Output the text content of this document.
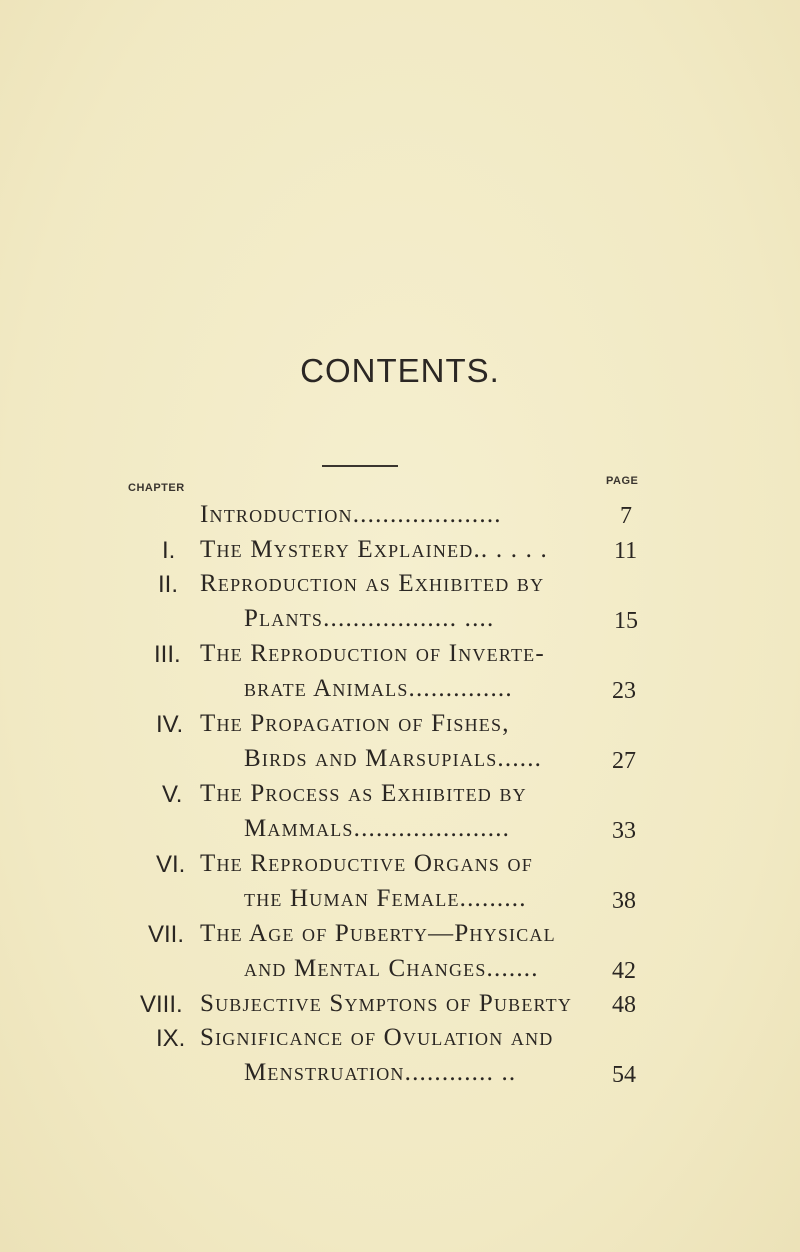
CONTENTS.
CHAPTER
PAGE
Introduction....................	7
I. The Mystery Explained.. . . . .	11
II. Reproduction as Exhibited by
Plants.................. ....	15
III. The Reproduction of Inverte-
brate Animals..............	23
IV. The Propagation of Fishes,
Birds and Marsupials......	27
V. The Process as Exhibited by
Mammals.....................	33
VI. The Reproductive Organs of
the Human Female.........	38
VII. The Age of Puberty—Physical
and Mental Changes.......	42
VIII. Subjective Symptons of Puberty 48
IX. Significance of Ovulation and
Menstruation............ ..	54
